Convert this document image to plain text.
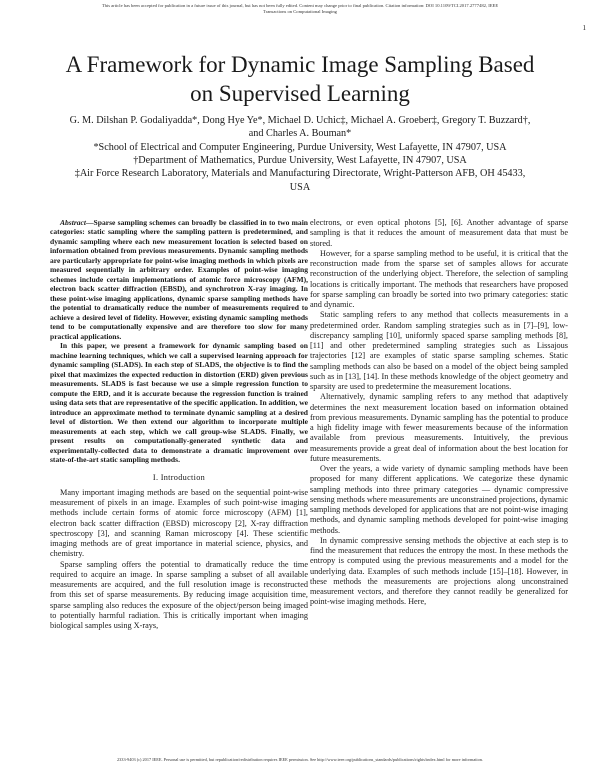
This article has been accepted for publication in a future issue of this journal, but has not been fully edited. Content may change prior to final publication. Citation information: DOI 10.1109/TCI.2017.2777482, IEEE
Transactions on Computational Imaging
1
A Framework for Dynamic Image Sampling Based
on Supervised Learning
G. M. Dilshan P. Godaliyadda*, Dong Hye Ye*, Michael D. Uchic‡, Michael A. Groeber‡, Gregory T. Buzzard†,
and Charles A. Bouman*
*School of Electrical and Computer Engineering, Purdue University, West Lafayette, IN 47907, USA
†Department of Mathematics, Purdue University, West Lafayette, IN 47907, USA
‡Air Force Research Laboratory, Materials and Manufacturing Directorate, Wright-Patterson AFB, OH 45433,
USA

Abstract—Sparse sampling schemes can broadly be classified in to two main categories: static sampling where the sampling pattern is predetermined, and dynamic sampling where each new measurement location is selected based on information obtained from previous measurements. Dynamic sampling methods are particularly appropriate for point-wise imaging methods in which pixels are measured sequentially in arbitrary order. Examples of point-wise imaging schemes include certain implementations of atomic force microscopy (AFM), electron back scatter diffraction (EBSD), and synchrotron X-ray imaging. In these point-wise imaging applications, dynamic sparse sampling methods have the potential to dramatically reduce the number of measurements required to achieve a desired level of fidelity. However, existing dynamic sampling methods tend to be computationally expensive and are therefore too slow for many practical applications.

In this paper, we present a framework for dynamic sampling based on machine learning techniques, which we call a supervised learning approach for dynamic sampling (SLADS). In each step of SLADS, the objective is to find the pixel that maximizes the expected reduction in distortion (ERD) given previous measurements. SLADS is fast because we use a simple regression function to compute the ERD, and it is accurate because the regression function is trained using data sets that are representative of the specific application. In addition, we introduce an approximate method to terminate dynamic sampling at a desired level of distortion. We then extend our algorithm to incorporate multiple measurements at each step, which we call group-wise SLADS. Finally, we present results on computationally-generated synthetic data and experimentally-collected data to demonstrate a dramatic improvement over state-of-the-art static sampling methods.

I. Introduction

Many important imaging methods are based on the sequential point-wise measurement of pixels in an image. Examples of such point-wise imaging methods include certain forms of atomic force microscopy (AFM) [1], electron back scatter diffraction (EBSD) microscopy [2], X-ray diffraction spectroscopy [3], and scanning Raman microscopy [4]. These scientific imaging methods are of great importance in material science, physics, and chemistry.

Sparse sampling offers the potential to dramatically reduce the time required to acquire an image. In sparse sampling a subset of all available measurements are acquired, and the full resolution image is reconstructed from this set of sparse measurements. By reducing image acquisition time, sparse sampling also reduces the exposure of the object/person being imaged to potentially harmful radiation. This is critically important when imaging biological samples using X-rays,

electrons, or even optical photons [5], [6]. Another advantage of sparse sampling is that it reduces the amount of measurement data that must be stored.

However, for a sparse sampling method to be useful, it is critical that the reconstruction made from the sparse set of samples allows for accurate reconstruction of the underlying object. Therefore, the selection of sampling locations is critically important. The methods that researchers have proposed for sparse sampling can broadly be sorted into two primary categories: static and dynamic.

Static sampling refers to any method that collects measurements in a predetermined order. Random sampling strategies such as in [7]–[9], low-discrepancy sampling [10], uniformly spaced sparse sampling methods [8], [11] and other predetermined sampling strategies such as Lissajous trajectories [12] are examples of static sparse sampling schemes. Static sampling methods can also be based on a model of the object being sampled such as in [13], [14]. In these methods knowledge of the object geometry and sparsity are used to predetermine the measurement locations.

Alternatively, dynamic sampling refers to any method that adaptively determines the next measurement location based on information obtained from previous measurements. Dynamic sampling has the potential to produce a high fidelity image with fewer measurements because of the information available from previous measurements. Intuitively, the previous measurements provide a great deal of information about the best location for future measurements.

Over the years, a wide variety of dynamic sampling methods have been proposed for many different applications. We categorize these dynamic sampling methods into three primary categories — dynamic compressive sensing methods where measurements are unconstrained projections, dynamic sampling methods developed for applications that are not point-wise imaging methods, and dynamic sampling methods developed for point-wise imaging methods.

In dynamic compressive sensing methods the objective at each step is to find the measurement that reduces the entropy the most. In these methods the entropy is computed using the previous measurements and a model for the underlying data. Examples of such methods include [15]–[18]. However, in these methods the measurements are projections along unconstrained measurement vectors, and therefore they cannot readily be generalized for point-wise imaging methods. Here,

2333-9403 (c) 2017 IEEE. Personal use is permitted, but republication/redistribution requires IEEE permission. See http://www.ieee.org/publications_standards/publications/rights/index.html for more information.
